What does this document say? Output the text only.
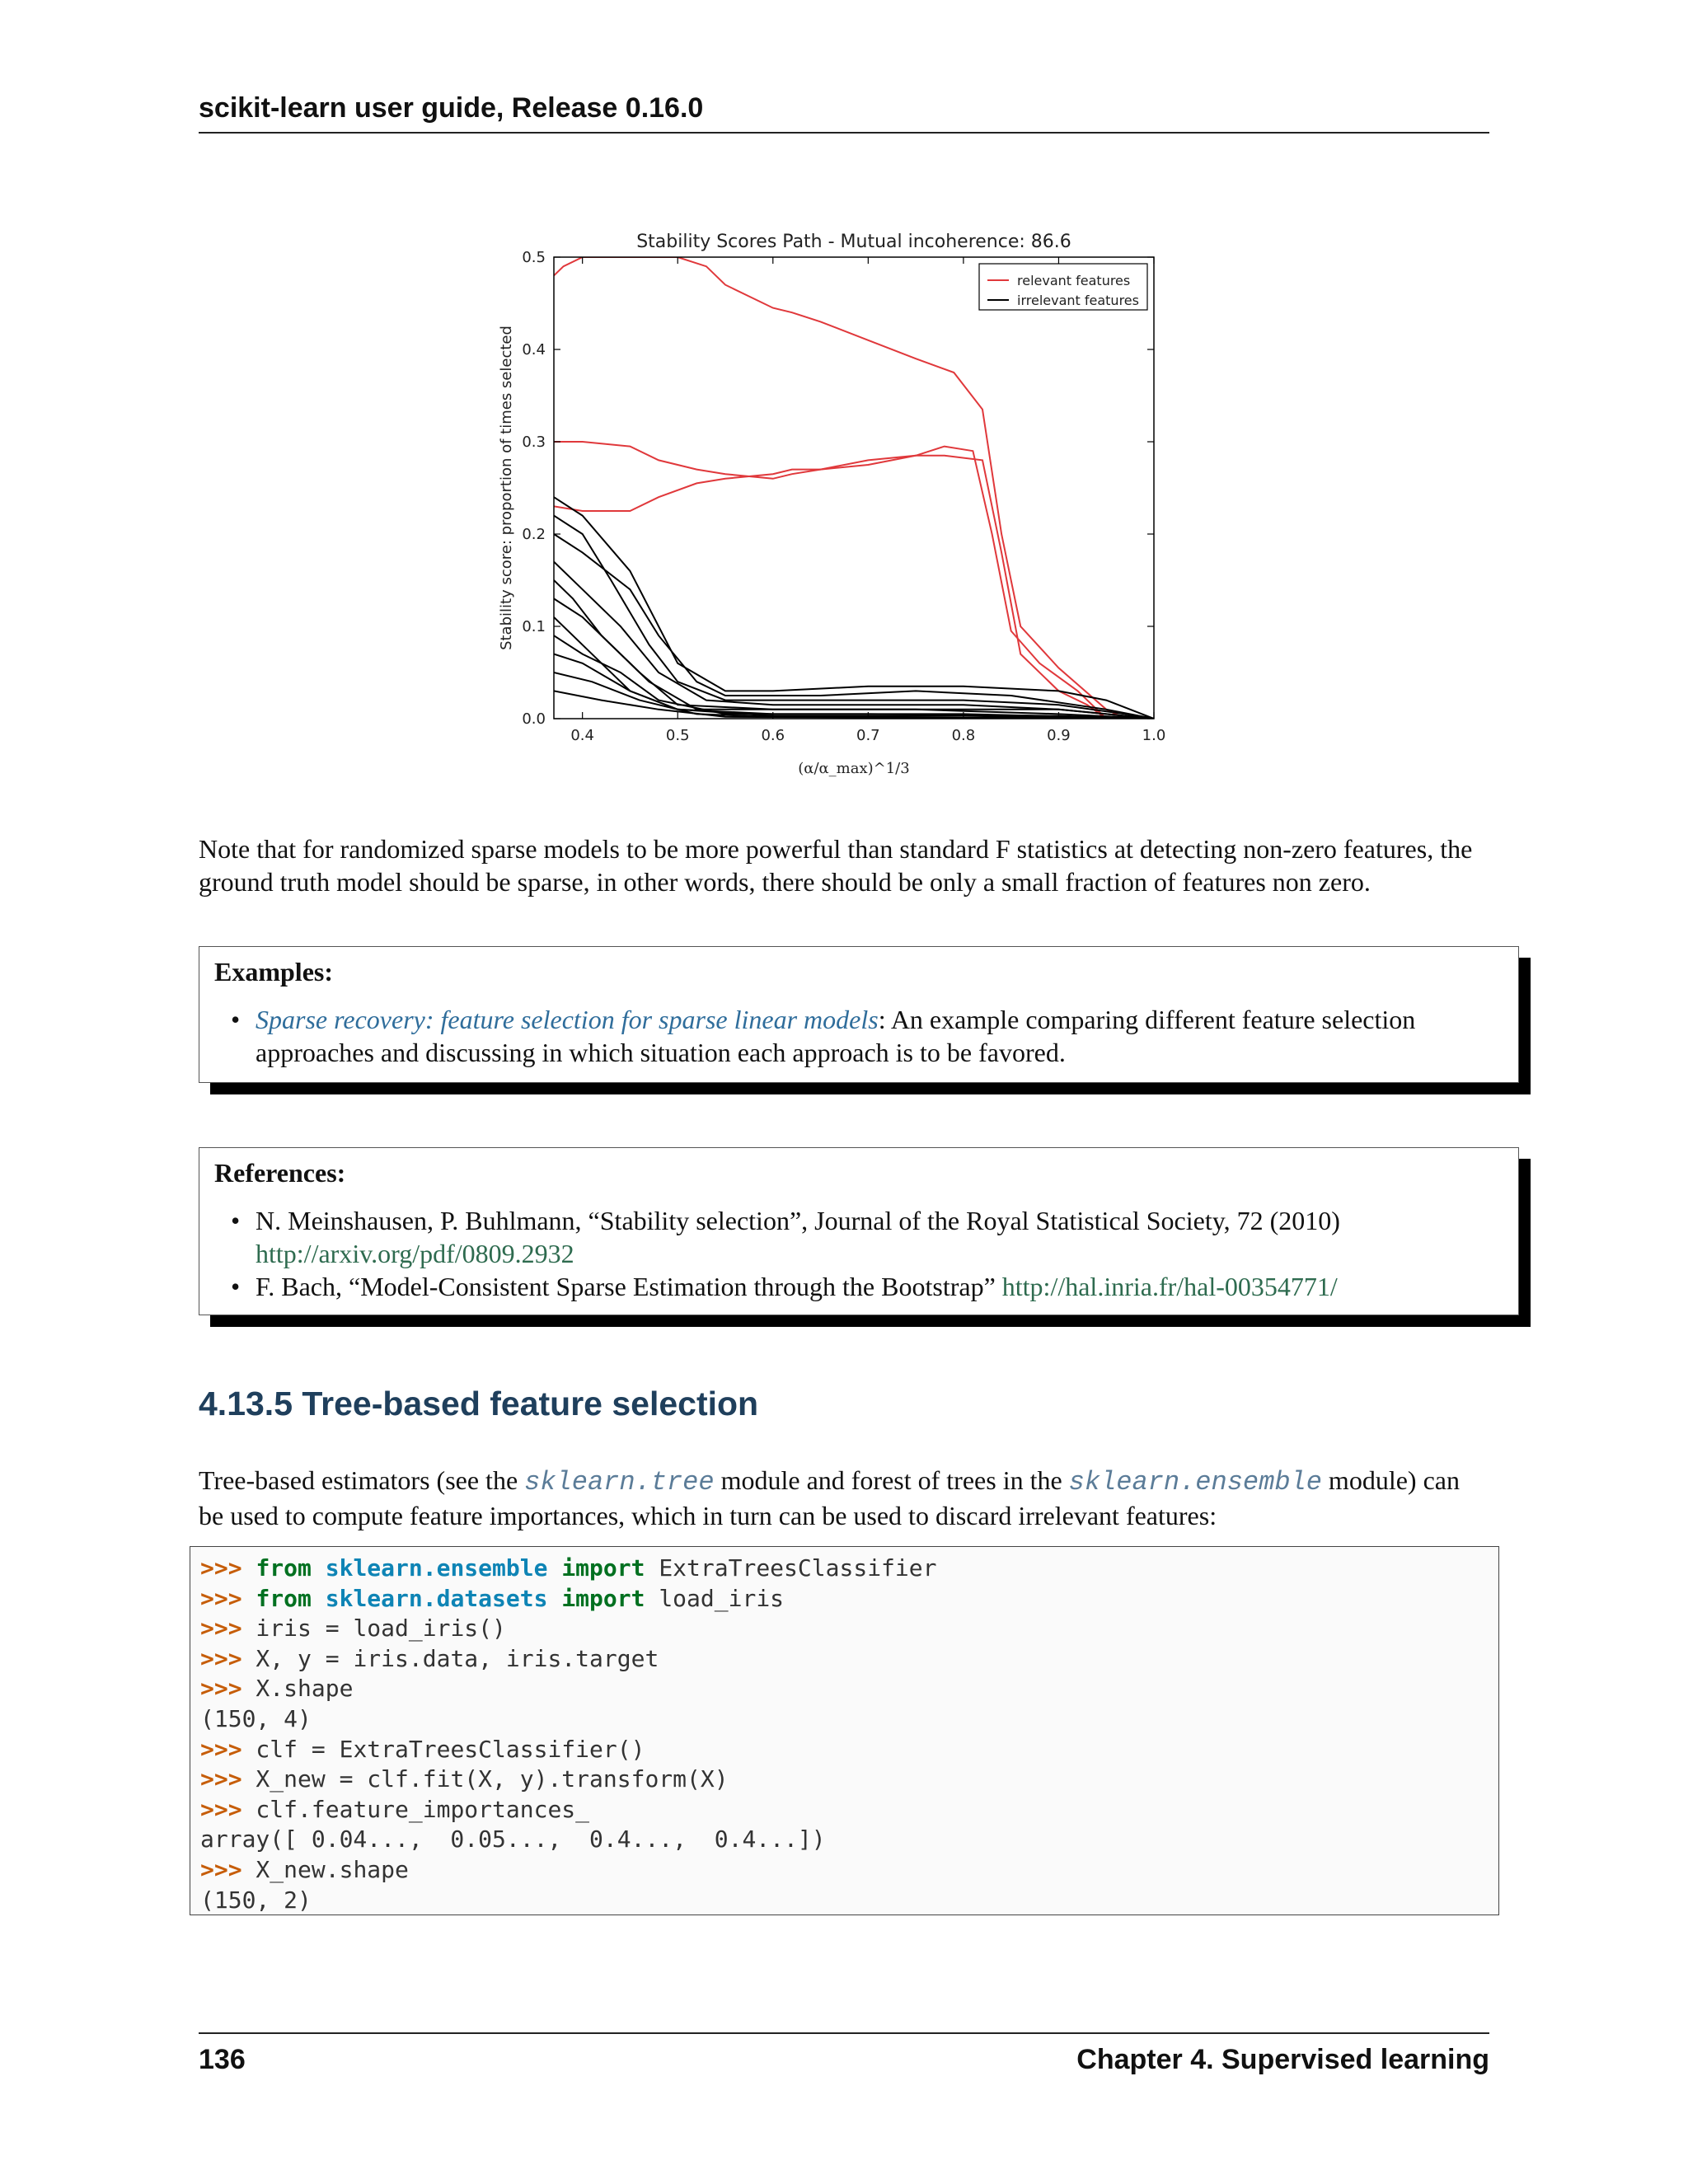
scikit-learn user guide, Release 0.16.0
Stability Scores Path - Mutual incoherence: 86.6
0.4	0.5	0.6	0.7	0.8	0.9	1.0
0.0
0.1
0.2
0.3
0.4
0.5
(α/α_max)^1/3
Stability score: proportion of times selected
relevant features
irrelevant features
Note that for randomized sparse models to be more powerful than standard F statistics at detecting non-zero features, the ground truth model should be sparse, in other words, there should be only a small fraction of features non zero.
Examples:
• Sparse recovery: feature selection for sparse linear models: An example comparing different feature selection approaches and discussing in which situation each approach is to be favored.
References:
• N. Meinshausen, P. Buhlmann, “Stability selection”, Journal of the Royal Statistical Society, 72 (2010) http://arxiv.org/pdf/0809.2932
• F. Bach, “Model-Consistent Sparse Estimation through the Bootstrap” http://hal.inria.fr/hal-00354771/
4.13.5 Tree-based feature selection
Tree-based estimators (see the sklearn.tree module and forest of trees in the sklearn.ensemble module) can be used to compute feature importances, which in turn can be used to discard irrelevant features:
>>> from sklearn.ensemble import ExtraTreesClassifier
>>> from sklearn.datasets import load_iris
>>> iris = load_iris()
>>> X, y = iris.data, iris.target
>>> X.shape
(150, 4)
>>> clf = ExtraTreesClassifier()
>>> X_new = clf.fit(X, y).transform(X)
>>> clf.feature_importances_
array([ 0.04...,  0.05...,  0.4...,  0.4...])
>>> X_new.shape
(150, 2)
136	Chapter 4. Supervised learning
